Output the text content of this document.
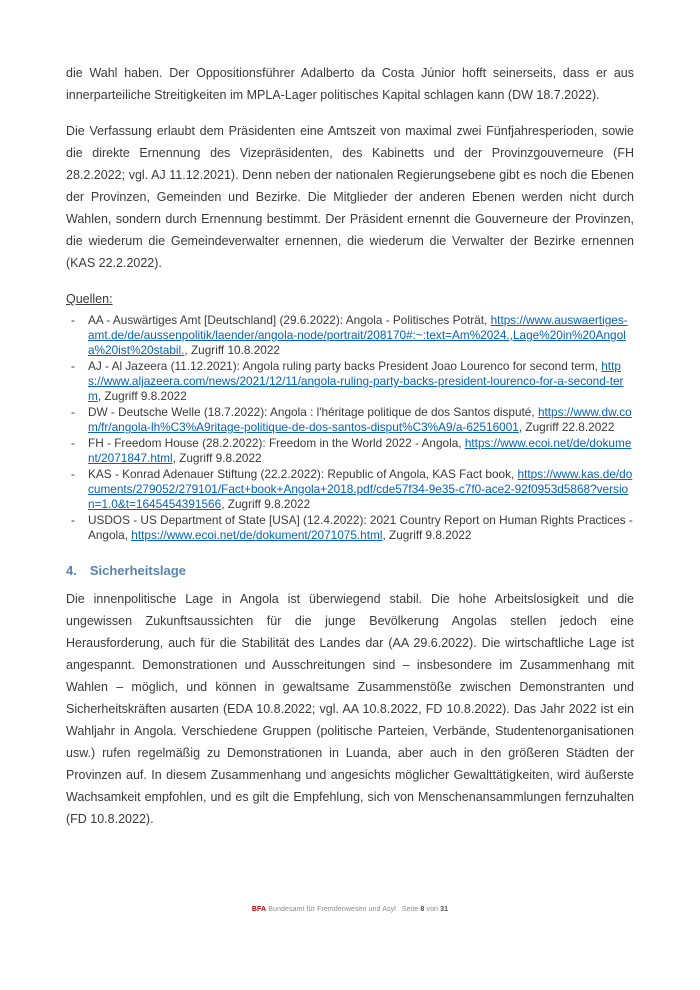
die Wahl haben. Der Oppositionsführer Adalberto da Costa Júnior hofft seinerseits, dass er aus innerparteiliche Streitigkeiten im MPLA-Lager politisches Kapital schlagen kann (DW 18.7.2022).

Die Verfassung erlaubt dem Präsidenten eine Amtszeit von maximal zwei Fünfjahresperioden, sowie die direkte Ernennung des Vizepräsidenten, des Kabinetts und der Provinzgouverneure (FH 28.2.2022; vgl. AJ 11.12.2021). Denn neben der nationalen Regierungsebene gibt es noch die Ebenen der Provinzen, Gemeinden und Bezirke. Die Mitglieder der anderen Ebenen werden nicht durch Wahlen, sondern durch Ernennung bestimmt. Der Präsident ernennt die Gouverneure der Provinzen, die wiederum die Gemeindeverwalter ernennen, die wiederum die Verwalter der Bezirke ernennen (KAS 22.2.2022).

Quellen:

- AA - Auswärtiges Amt [Deutschland] (29.6.2022): Angola - Politisches Poträt, https://www.auswaertiges-amt.de/de/aussenpolitik/laender/angola-node/portrait/208170#:~:text=Am%2024.,Lage%20in%20Angola%20ist%20stabil., Zugriff 10.8.2022
- AJ - Al Jazeera (11.12.2021): Angola ruling party backs President Joao Lourenco for second term, https://www.aljazeera.com/news/2021/12/11/angola-ruling-party-backs-president-lourenco-for-a-second-term, Zugriff 9.8.2022
- DW - Deutsche Welle (18.7.2022): Angola : l'héritage politique de dos Santos disputé, https://www.dw.com/fr/angola-lh%C3%A9ritage-politique-de-dos-santos-disput%C3%A9/a-62516001, Zugriff 22.8.2022
- FH - Freedom House (28.2.2022): Freedom in the World 2022 - Angola, https://www.ecoi.net/de/dokument/2071847.html, Zugriff 9.8.2022
- KAS - Konrad Adenauer Stiftung (22.2.2022): Republic of Angola, KAS Fact book, https://www.kas.de/documents/279052/279101/Fact+book+Angola+2018.pdf/cde57f34-9e35-c7f0-ace2-92f0953d5868?version=1.0&t=1645454391566, Zugriff 9.8.2022
- USDOS - US Department of State [USA] (12.4.2022): 2021 Country Report on Human Rights Practices - Angola, https://www.ecoi.net/de/dokument/2071075.html, Zugriff 9.8.2022
4. Sicherheitslage

Die innenpolitische Lage in Angola ist überwiegend stabil. Die hohe Arbeitslosigkeit und die ungewissen Zukunftsaussichten für die junge Bevölkerung Angolas stellen jedoch eine Herausforderung, auch für die Stabilität des Landes dar (AA 29.6.2022). Die wirtschaftliche Lage ist angespannt. Demonstrationen und Ausschreitungen sind – insbesondere im Zusammenhang mit Wahlen – möglich, und können in gewaltsame Zusammenstöße zwischen Demonstranten und Sicherheitskräften ausarten (EDA 10.8.2022; vgl. AA 10.8.2022, FD 10.8.2022). Das Jahr 2022 ist ein Wahljahr in Angola. Verschiedene Gruppen (politische Parteien, Verbände, Studentenorganisationen usw.) rufen regelmäßig zu Demonstrationen in Luanda, aber auch in den größeren Städten der Provinzen auf. In diesem Zusammenhang und angesichts möglicher Gewalttätigkeiten, wird äußerste Wachsamkeit empfohlen, und es gilt die Empfehlung, sich von Menschenansammlungen fernzuhalten (FD 10.8.2022).

BFA Bundesamt für Fremdenwesen und Asyl Seite 8 von 31
